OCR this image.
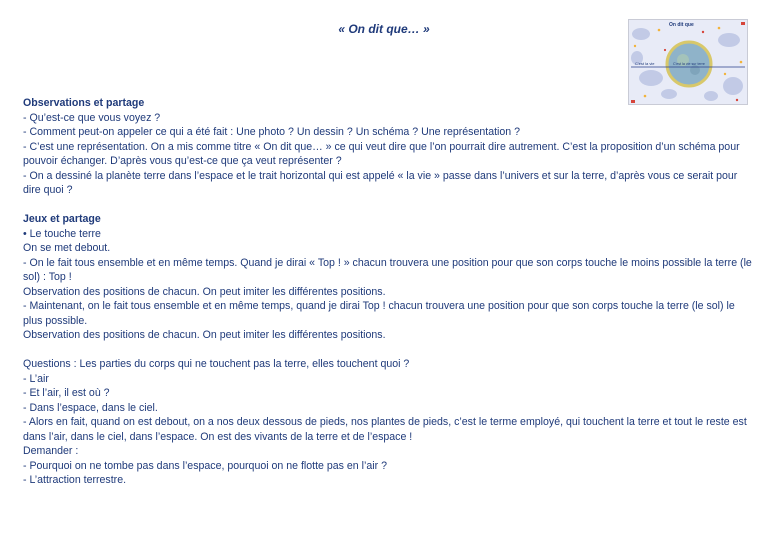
« On dit que… »	On dit que
C'est la vie	C'est la vie sur terre
Observations et partage

- Qu’est-ce que vous voyez ?

- Comment peut-on appeler ce qui a été fait : Une photo ? Un dessin ? Un schéma ? Une représentation ?

- C’est une représentation. On a mis comme titre « On dit que… » ce qui veut dire que l’on pourrait dire autrement. C’est la proposition d’un schéma pour pouvoir échanger. D’après vous qu’est-ce que ça veut représenter ?

- On a dessiné la planète terre dans l’espace et le trait horizontal qui est appelé « la vie » passe dans l’univers et sur la terre, d’après vous ce serait pour dire quoi ?

Jeux et partage

• Le touche terre

On se met debout.

- On le fait tous ensemble et en même temps. Quand je dirai « Top ! » chacun trouvera une position pour que son corps touche le moins possible la terre (le sol) : Top !

Observation des positions de chacun. On peut imiter les différentes positions.

- Maintenant, on le fait tous ensemble et en même temps, quand je dirai Top ! chacun trouvera une position pour que son corps touche la terre (le sol) le plus possible.

Observation des positions de chacun. On peut imiter les différentes positions.

Questions : Les parties du corps qui ne touchent pas la terre, elles touchent quoi ?

- L’air

- Et l’air, il est où ?

- Dans l’espace, dans le ciel.

- Alors en fait, quand on est debout, on a nos deux dessous de pieds, nos plantes de pieds, c’est le terme employé, qui touchent la terre et tout le reste est dans l’air, dans le ciel, dans l’espace. On est des vivants de la terre et de l’espace !

Demander :

- Pourquoi on ne tombe pas dans l’espace, pourquoi on ne flotte pas en l’air ?

- L’attraction terrestre.
